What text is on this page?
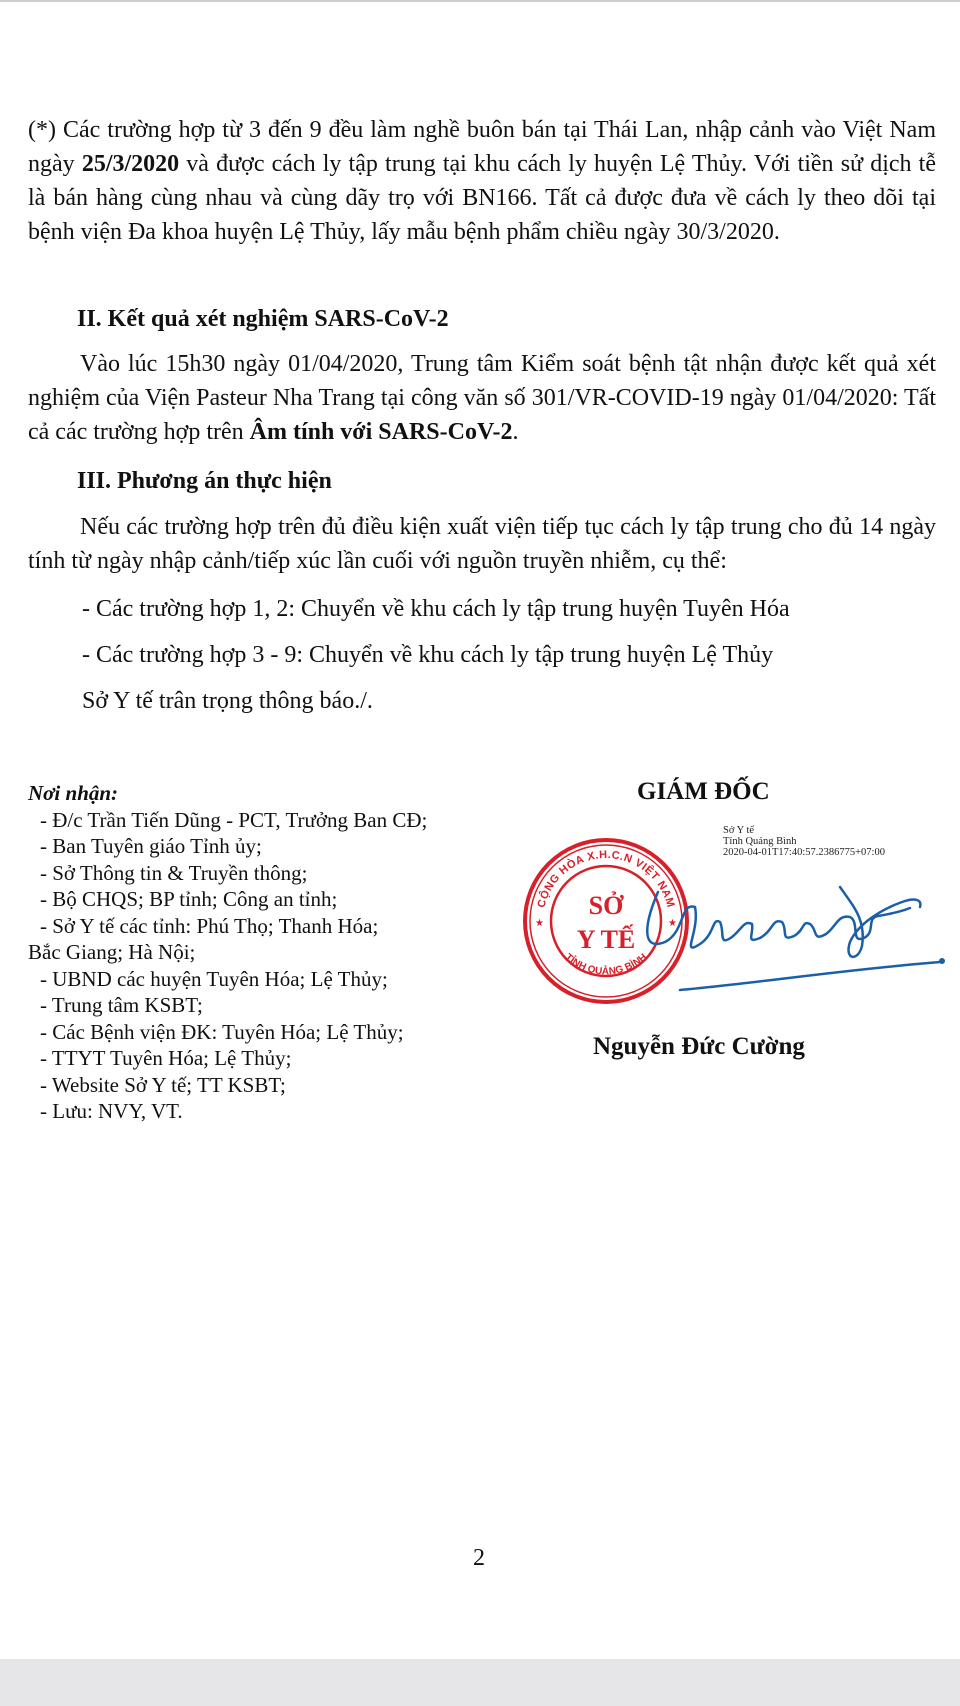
(*) Các trường hợp từ 3 đến 9 đều làm nghề buôn bán tại Thái Lan, nhập cảnh vào Việt Nam ngày 25/3/2020 và được cách ly tập trung tại khu cách ly huyện Lệ Thủy. Với tiền sử dịch tễ là bán hàng cùng nhau và cùng dãy trọ với BN166. Tất cả được đưa về cách ly theo dõi tại bệnh viện Đa khoa huyện Lệ Thủy, lấy mẫu bệnh phẩm chiều ngày 30/3/2020.
II. Kết quả xét nghiệm SARS-CoV-2
Vào lúc 15h30 ngày 01/04/2020, Trung tâm Kiểm soát bệnh tật nhận được kết quả xét nghiệm của Viện Pasteur Nha Trang tại công văn số 301/VR-COVID-19 ngày 01/04/2020: Tất cả các trường hợp trên Âm tính với SARS-CoV-2.
III. Phương án thực hiện
Nếu các trường hợp trên đủ điều kiện xuất viện tiếp tục cách ly tập trung cho đủ 14 ngày tính từ ngày nhập cảnh/tiếp xúc lần cuối với nguồn truyền nhiễm, cụ thể:
- Các trường hợp 1, 2: Chuyển về khu cách ly tập trung huyện Tuyên Hóa
- Các trường hợp 3 - 9: Chuyển về khu cách ly tập trung huyện Lệ Thủy
Sở Y tế trân trọng thông báo./.
Nơi nhận:
- Đ/c Trần Tiến Dũng - PCT, Trưởng Ban CĐ;
- Ban Tuyên giáo Tỉnh ủy;
- Sở Thông tin & Truyền thông;
- Bộ CHQS; BP tỉnh; Công an tỉnh;
- Sở Y tế các tỉnh: Phú Thọ; Thanh Hóa;
Bắc Giang; Hà Nội;
- UBND các huyện Tuyên Hóa; Lệ Thủy;
- Trung tâm KSBT;
- Các Bệnh viện ĐK: Tuyên Hóa; Lệ Thủy;
- TTYT Tuyên Hóa; Lệ Thủy;
- Website Sở Y tế; TT KSBT;
- Lưu: NVY, VT.
GIÁM ĐỐC
Sở Y tế
Tỉnh Quảng Bình
2020-04-01T17:40:57.2386775+07:00
CỘNG HÒA X.H.C.N VIỆT NAM
TỈNH QUẢNG BÌNH
★	★
SỞ
Y TẾ
Nguyễn Đức Cường
2
